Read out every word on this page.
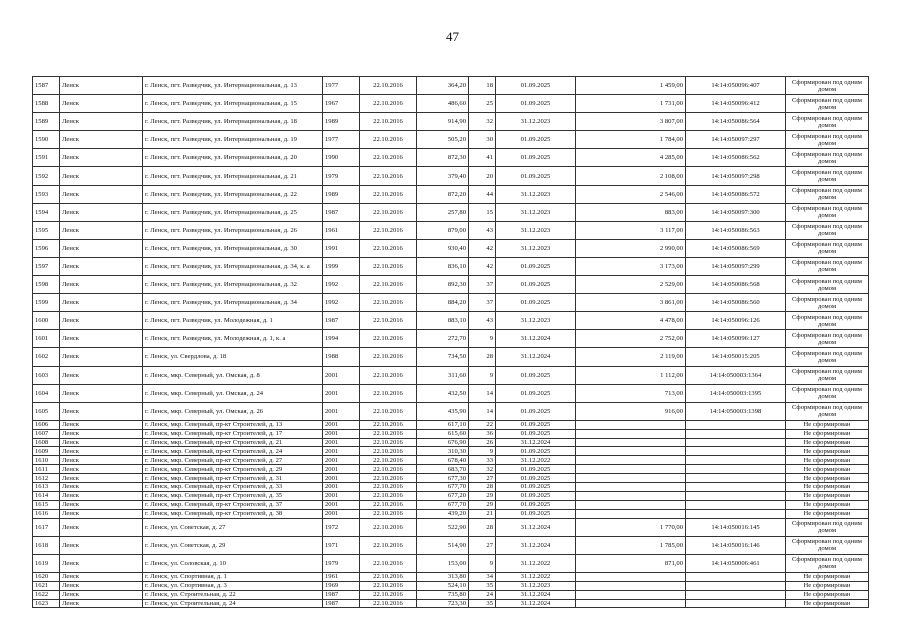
47
1587	Ленск	г. Ленск, пгт. Разведчик, ул. Интернациональная, д. 13	1977	22.10.2016	364,20	18	01.09.2025	1 459,00	14:14:050096:407	Сформирован под одним домом
1588	Ленск	г. Ленск, пгт. Разведчик, ул. Интернациональная, д. 15	1967	22.10.2016	486,60	25	01.09.2025	1 731,00	14:14:050096:412	Сформирован под одним домом
1589	Ленск	г. Ленск, пгт. Разведчик, ул. Интернациональная, д. 18	1989	22.10.2016	914,90	32	31.12.2023	3 807,00	14:14:050086:564	Сформирован под одним домом
1590	Ленск	г. Ленск, пгт. Разведчик, ул. Интернациональная, д. 19	1977	22.10.2016	505,20	30	01.09.2025	1 784,00	14:14:050097:297	Сформирован под одним домом
1591	Ленск	г. Ленск, пгт. Разведчик, ул. Интернациональная, д. 20	1990	22.10.2016	872,30	41	01.09.2025	4 285,00	14:14:050086:562	Сформирован под одним домом
1592	Ленск	г. Ленск, пгт. Разведчик, ул. Интернациональная, д. 21	1979	22.10.2016	379,40	20	01.09.2025	2 108,00	14:14:050097:298	Сформирован под одним домом
1593	Ленск	г. Ленск, пгт. Разведчик, ул. Интернациональная, д. 22	1989	22.10.2016	872,20	44	31.12.2023	2 546,00	14:14:050086:572	Сформирован под одним домом
1594	Ленск	г. Ленск, пгт. Разведчик, ул. Интернациональная, д. 25	1987	22.10.2016	257,80	15	31.12.2023	883,00	14:14:050097:300	Сформирован под одним домом
1595	Ленск	г. Ленск, пгт. Разведчик, ул. Интернациональная, д. 26	1961	22.10.2016	879,00	43	31.12.2023	3 117,00	14:14:050086:563	Сформирован под одним домом
1596	Ленск	г. Ленск, пгт. Разведчик, ул. Интернациональная, д. 30	1991	22.10.2016	930,40	42	31.12.2023	2 990,00	14:14:050086:569	Сформирован под одним домом
1597	Ленск	г. Ленск, пгт. Разведчик, ул. Интернациональная, д. 34, к. а	1999	22.10.2016	836,10	42	01.09.2025	3 173,00	14:14:050097:299	Сформирован под одним домом
1598	Ленск	г. Ленск, пгт. Разведчик, ул. Интернациональная, д. 32	1992	22.10.2016	892,30	37	01.09.2025	2 529,00	14:14:050086:568	Сформирован под одним домом
1599	Ленск	г. Ленск, пгт. Разведчик, ул. Интернациональная, д. 34	1992	22.10.2016	884,20	37	01.09.2025	3 861,00	14:14:050086:560	Сформирован под одним домом
1600	Ленск	г. Ленск, пгт. Разведчик, ул. Молодежная, д. 1	1987	22.10.2016	883,10	43	31.12.2023	4 478,00	14:14:050096:126	Сформирован под одним домом
1601	Ленск	г. Ленск, пгт. Разведчик, ул. Молодежная, д. 1, к. а	1994	22.10.2016	272,70	9	31.12.2024	2 752,00	14:14:050096:127	Сформирован под одним домом
1602	Ленск	г. Ленск, ул. Свердлова, д. 18	1988	22.10.2016	734,50	28	31.12.2024	2 119,00	14:14:050015:205	Сформирован под одним домом
1603	Ленск	г. Ленск, мкр. Северный, ул. Омская, д. 8	2001	22.10.2016	311,60	9	01.09.2025	1 112,00	14:14:050003:1364	Сформирован под одним домом
1604	Ленск	г. Ленск, мкр. Северный, ул. Омская, д. 24	2001	22.10.2016	432,50	14	01.09.2025	713,00	14:14:050003:1395	Сформирован под одним домом
1605	Ленск	г. Ленск, мкр. Северный, ул. Омская, д. 26	2001	22.10.2016	435,90	14	01.09.2025	916,00	14:14:050003:1398	Сформирован под одним домом
1606	Ленск	г. Ленск, мкр. Северный, пр-кт Строителей, д. 13	2001	22.10.2016	617,10	22	01.09.2025			Не сформирован
1607	Ленск	г. Ленск, мкр. Северный, пр-кт Строителей, д. 17	2001	22.10.2016	615,60	36	01.09.2025			Не сформирован
1608	Ленск	г. Ленск, мкр. Северный, пр-кт Строителей, д. 21	2001	22.10.2016	676,90	26	31.12.2024			Не сформирован
1609	Ленск	г. Ленск, мкр. Северный, пр-кт Строителей, д. 24	2001	22.10.2016	310,30	9	01.09.2025			Не сформирован
1610	Ленск	г. Ленск, мкр. Северный, пр-кт Строителей, д. 27	2001	22.10.2016	678,40	33	31.12.2022			Не сформирован
1611	Ленск	г. Ленск, мкр. Северный, пр-кт Строителей, д. 29	2001	22.10.2016	683,70	32	01.09.2025			Не сформирован
1612	Ленск	г. Ленск, мкр. Северный, пр-кт Строителей, д. 31	2001	22.10.2016	677,30	27	01.09.2025			Не сформирован
1613	Ленск	г. Ленск, мкр. Северный, пр-кт Строителей, д. 33	2001	22.10.2016	677,70	28	01.09.2025			Не сформирован
1614	Ленск	г. Ленск, мкр. Северный, пр-кт Строителей, д. 35	2001	22.10.2016	677,20	29	01.09.2025			Не сформирован
1615	Ленск	г. Ленск, мкр. Северный, пр-кт Строителей, д. 37	2001	22.10.2016	677,70	29	01.09.2025			Не сформирован
1616	Ленск	г. Ленск, мкр. Северный, пр-кт Строителей, д. 38	2001	22.10.2016	439,20	21	01.09.2025			Не сформирован
1617	Ленск	г. Ленск, ул. Советская, д. 27	1972	22.10.2016	522,90	28	31.12.2024	1 770,00	14:14:050016:145	Сформирован под одним домом
1618	Ленск	г. Ленск, ул. Советская, д. 29	1971	22.10.2016	514,90	27	31.12.2024	1 785,00	14:14:050016:146	Сформирован под одним домом
1619	Ленск	г. Ленск, ул. Соловская, д. 10	1979	22.10.2016	153,00	9	31.12.2022	871,00	14:14:050006:461	Сформирован под одним домом
1620	Ленск	г. Ленск, ул. Спортивная, д. 1	1961	22.10.2016	313,80	34	31.12.2022			Не сформирован
1621	Ленск	г. Ленск, ул. Спортивная, д. 3	1969	22.10.2016	524,10	35	31.12.2023			Не сформирован
1622	Ленск	г. Ленск, ул. Строительная, д. 22	1987	22.10.2016	735,80	24	31.12.2024			Не сформирован
1623	Ленск	г. Ленск, ул. Строительная, д. 24	1987	22.10.2016	723,30	35	31.12.2024			Не сформирован
